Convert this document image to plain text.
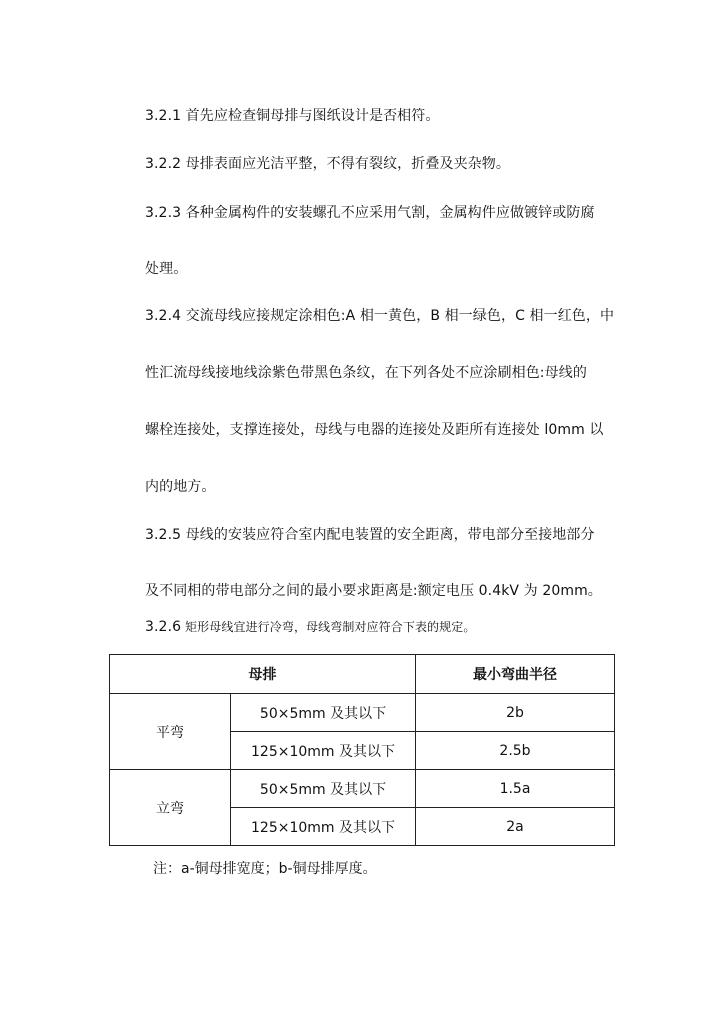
3.2.1 首先应检查铜母排与图纸设计是否相符。
3.2.2 母排表面应光洁平整，不得有裂纹，折叠及夹杂物。
3.2.3 各种金属构件的安装螺孔不应采用气割，金属构件应做镀锌或防腐
处理。
3.2.4 交流母线应接规定涂相色:A 相一黄色，B 相一绿色，C 相一红色，中
性汇流母线接地线涂紫色带黑色条纹，在下列各处不应涂刷相色:母线的
螺栓连接处，支撑连接处，母线与电器的连接处及距所有连接处 l0mm 以
内的地方。
3.2.5 母线的安装应符合室内配电装置的安全距离，带电部分至接地部分
及不同相的带电部分之间的最小要求距离是:额定电压 0.4kV 为 20mm。
3.2.6 矩形母线宜进行冷弯，母线弯制对应符合下表的规定。
母排		最小弯曲半径
平弯	50×5mm 及其以下	2b
	125×10mm 及其以下	2.5b
立弯	50×5mm 及其以下	1.5a
	125×10mm 及其以下	2a
注：a-铜母排宽度；b-铜母排厚度。
